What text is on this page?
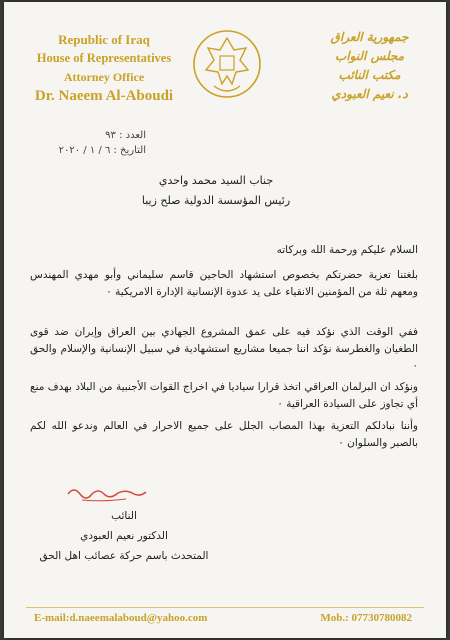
Republic of Iraq
House of Representatives
Attorney Office
Dr. Naeem Al-Aboudi
جمهورية العراق
مجلس النواب
مكتب النائب
د. نعيم العبودي
العدد : ٩٣
التاريخ : ٦ / ١ / ٢٠٢٠
جناب السيد محمد واحدي
رئيس المؤسسة الدولية صلح زيبا
السلام عليكم ورحمة الله وبركاته
بلغتنا تعزية حضرتكم بخصوص استشهاد الحاجين قاسم سليماني وأبو مهدي المهندس ومعهم ثلة من المؤمنين الانقياء على يد عدوة الإنسانية الإدارة الامريكية ٠
ففي الوقت الذي نؤكد فيه على عمق المشروع الجهادي بين العراق وإيران ضد قوى الطغيان والغطرسة نؤكد اننا جميعا مشاريع استشهادية في سبيل الإنسانية والإسلام والحق ٠
ونؤكد ان البرلمان العراقي اتخذ قرارا سياديا في اخراج القوات الأجنبية من البلاد بهدف منع أي تجاوز على السيادة العراقية ٠
وأننا نبادلكم التعزية بهذا المصاب الجلل على جميع الاحرار في العالم وندعو الله لكم بالصبر والسلوان ٠
النائب
الدكتور نعيم العبودي
المتحدث باسم حركة عصائب اهل الحق
E-mail:d.naeemalaboud@yahoo.com	Mob.: 07730780082
